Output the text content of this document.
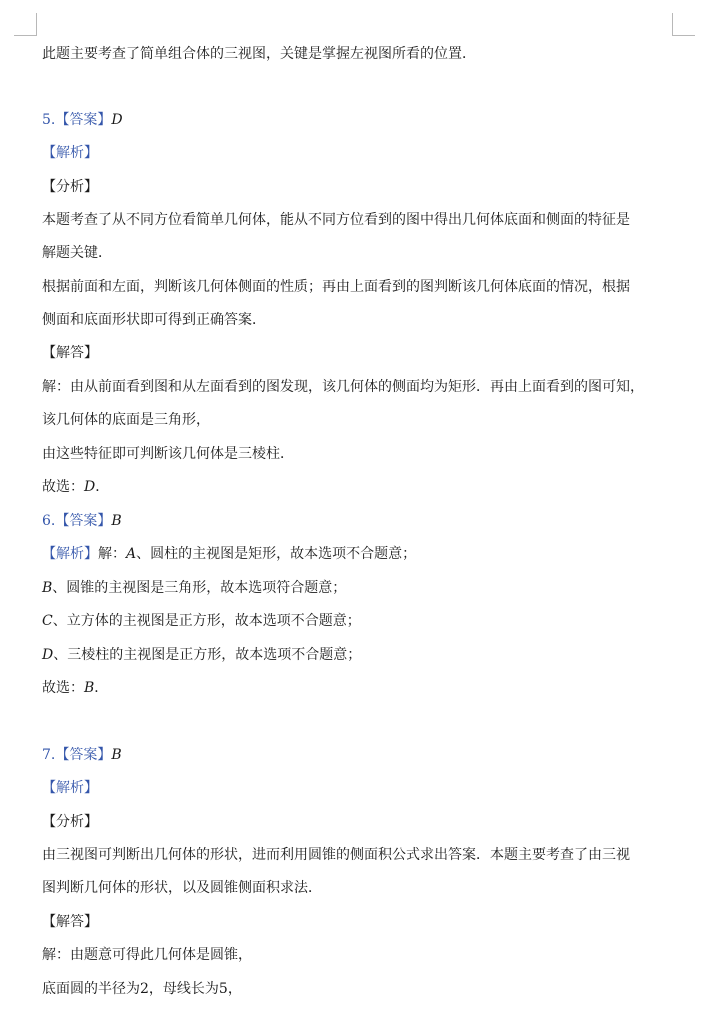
此题主要考查了简单组合体的三视图，关键是掌握左视图所看的位置．
5.【答案】D
【解析】
【分析】
本题考查了从不同方位看简单几何体，能从不同方位看到的图中得出几何体底面和侧面的特征是
解题关键．
根据前面和左面，判断该几何体侧面的性质；再由上面看到的图判断该几何体底面的情况，根据
侧面和底面形状即可得到正确答案．
【解答】
解：由从前面看到图和从左面看到的图发现，该几何体的侧面均为矩形．再由上面看到的图可知，
该几何体的底面是三角形，
由这些特征即可判断该几何体是三棱柱．
故选：D．
6.【答案】B
【解析】解：A、圆柱的主视图是矩形，故本选项不合题意；
B、圆锥的主视图是三角形，故本选项符合题意；
C、立方体的主视图是正方形，故本选项不合题意；
D、三棱柱的主视图是正方形，故本选项不合题意；
故选：B．
7.【答案】B
【解析】
【分析】
由三视图可判断出几何体的形状，进而利用圆锥的侧面积公式求出答案．本题主要考查了由三视
图判断几何体的形状，以及圆锥侧面积求法．
【解答】
解：由题意可得此几何体是圆锥，
底面圆的半径为2，母线长为5，
